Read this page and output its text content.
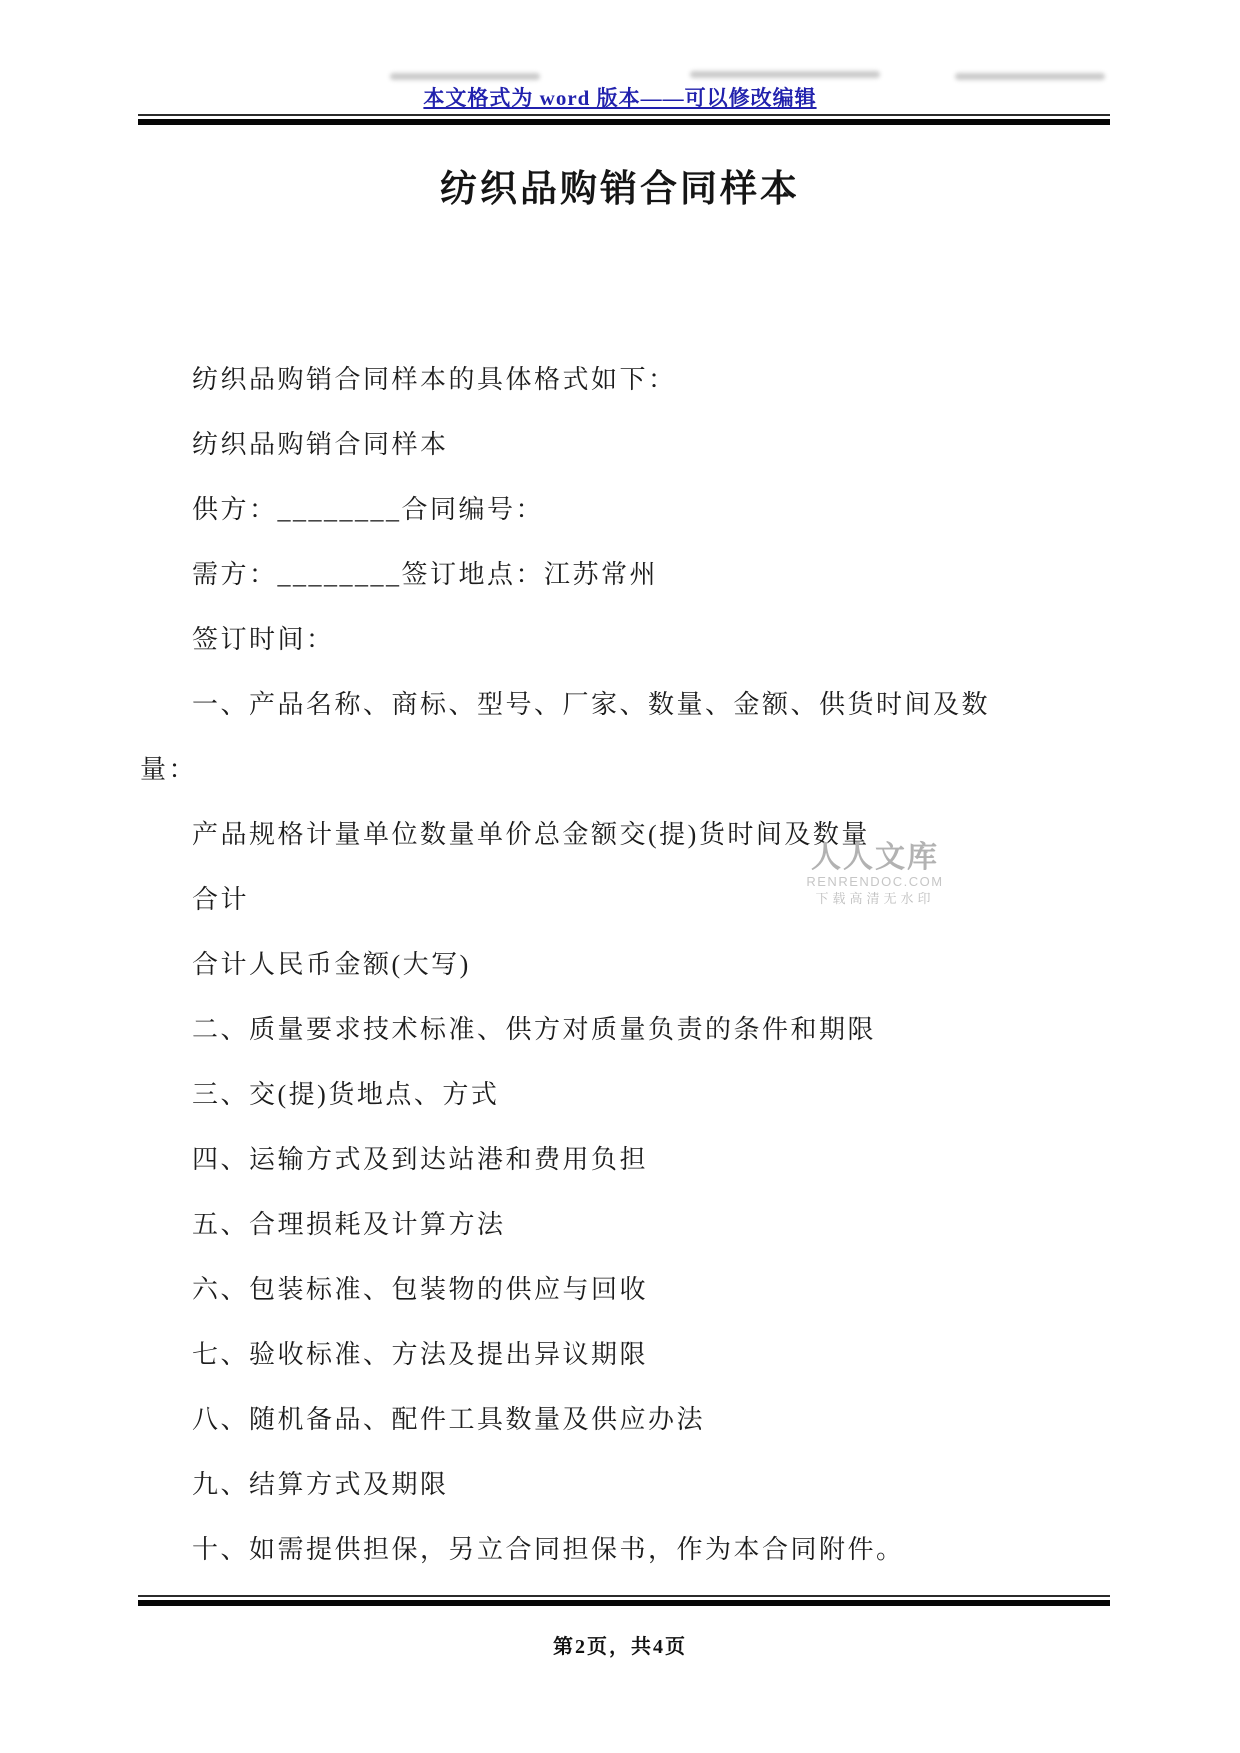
本文格式为 word 版本——可以修改编辑
纺织品购销合同样本

纺织品购销合同样本的具体格式如下：

纺织品购销合同样本

供方：________合同编号：

需方：________签订地点：江苏常州

签订时间：

一、产品名称、商标、型号、厂家、数量、金额、供货时间及数

量：

产品规格计量单位数量单价总金额交(提)货时间及数量

合计

合计人民币金额(大写)

二、质量要求技术标准、供方对质量负责的条件和期限

三、交(提)货地点、方式

四、运输方式及到达站港和费用负担

五、合理损耗及计算方法

六、包装标准、包装物的供应与回收

七、验收标准、方法及提出异议期限

八、随机备品、配件工具数量及供应办法

九、结算方式及期限

十、如需提供担保，另立合同担保书，作为本合同附件。

人人文库
RENRENDOC.COM
下载高清无水印
第2页，共4页
